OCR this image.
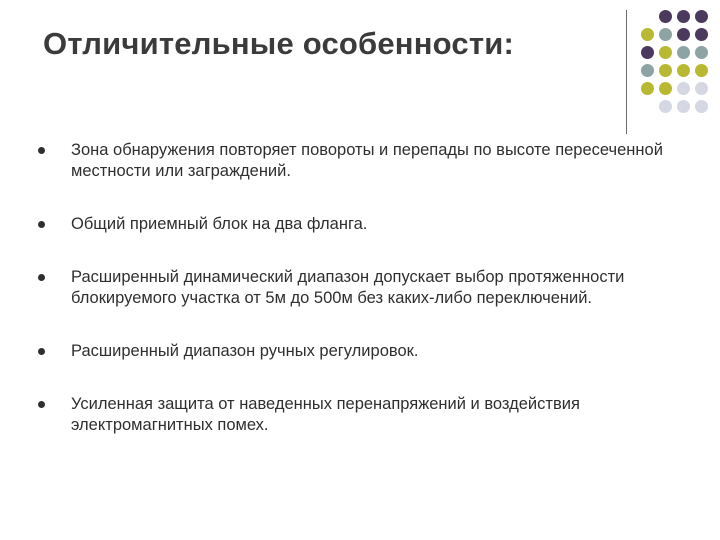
Отличительные особенности:
Зона обнаружения повторяет повороты и перепады по высоте пересеченной местности или заграждений.
Общий приемный блок на два фланга.
Расширенный динамический диапазон допускает выбор протяженности блокируемого участка от 5м до 500м без каких-либо переключений.
Расширенный диапазон ручных регулировок.
Усиленная защита от наведенных перенапряжений и воздействия электромагнитных помех.
